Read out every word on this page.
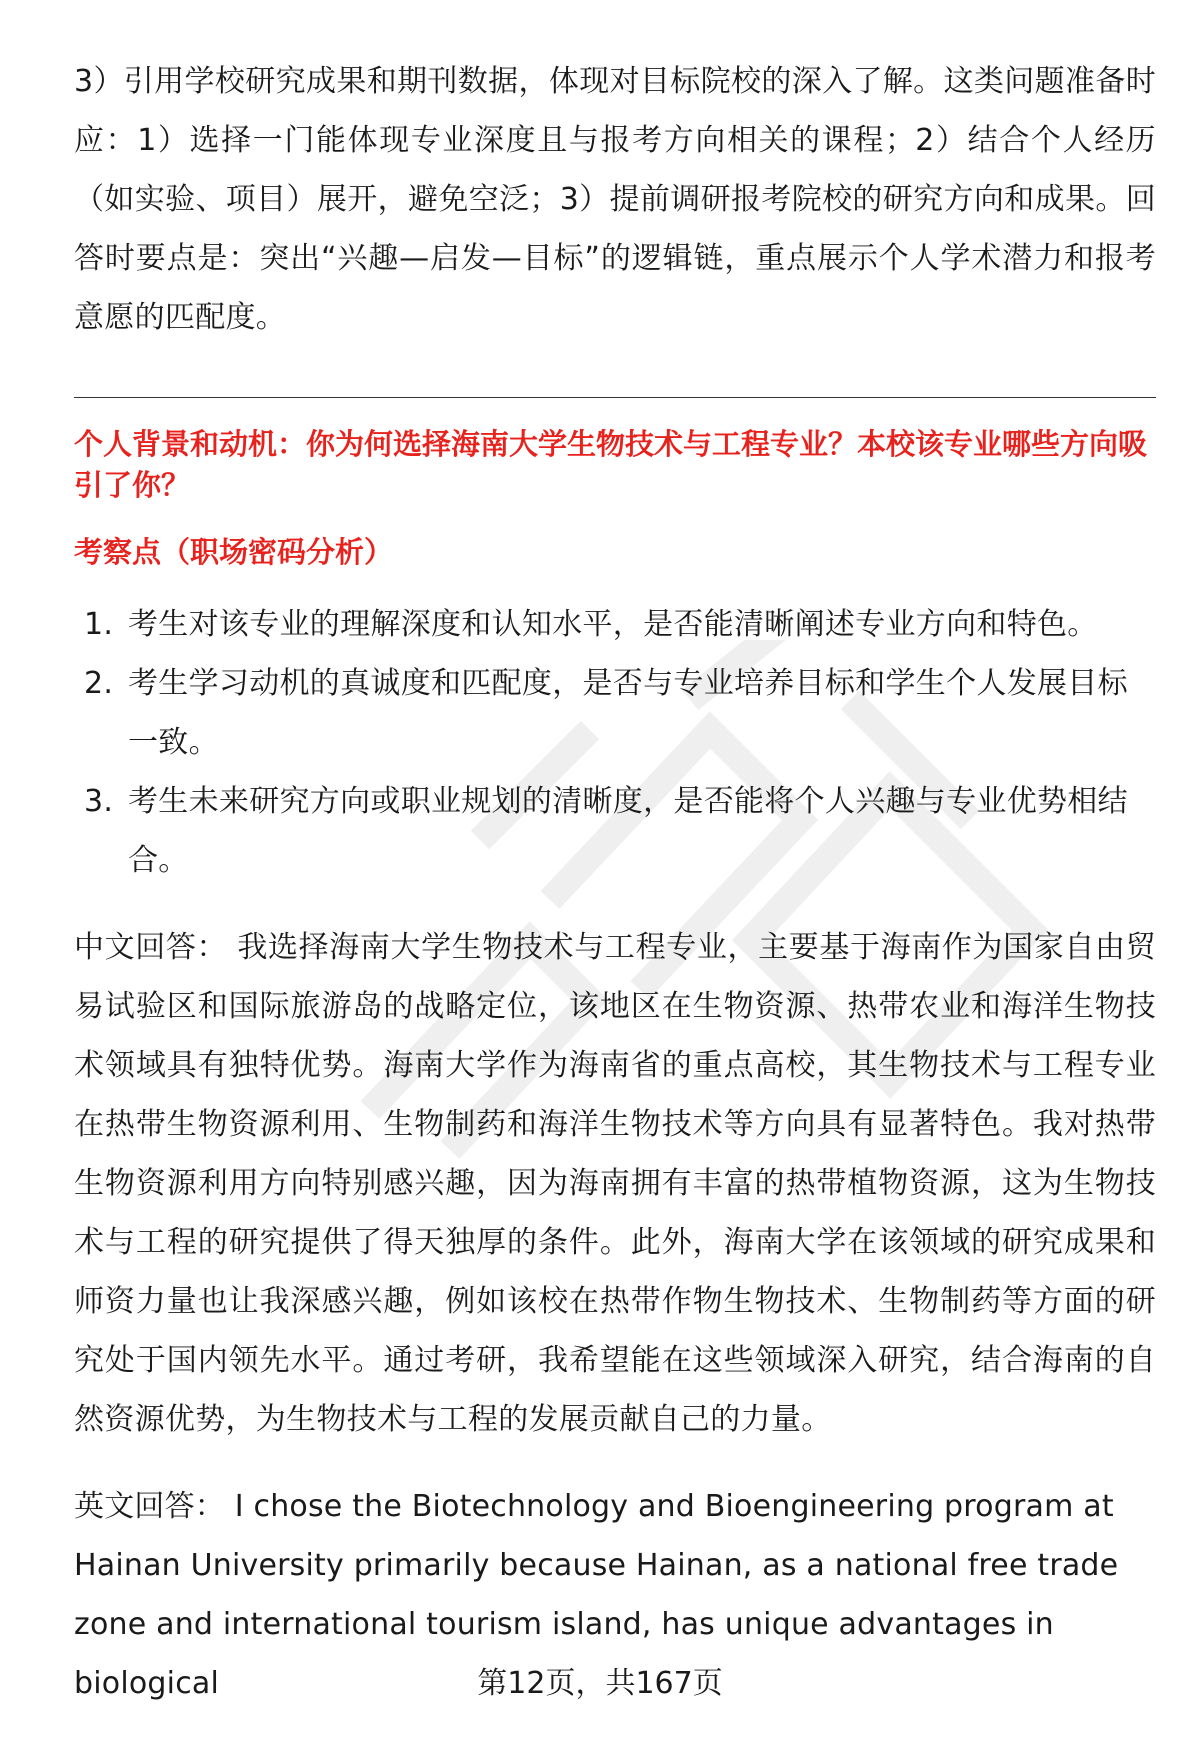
3）引用学校研究成果和期刊数据，体现对目标院校的深入了解。这类问题准备时应：1）选择一门能体现专业深度且与报考方向相关的课程；2）结合个人经历（如实验、项目）展开，避免空泛；3）提前调研报考院校的研究方向和成果。回答时要点是：突出“兴趣—启发—目标”的逻辑链，重点展示个人学术潜力和报考意愿的匹配度。

个人背景和动机：你为何选择海南大学生物技术与工程专业？本校该专业哪些方向吸引了你？
考察点（职场密码分析）
1. 考生对该专业的理解深度和认知水平，是否能清晰阐述专业方向和特色。
2. 考生学习动机的真诚度和匹配度，是否与专业培养目标和学生个人发展目标一致。
3. 考生未来研究方向或职业规划的清晰度，是否能将个人兴趣与专业优势相结合。

中文回答： 我选择海南大学生物技术与工程专业，主要基于海南作为国家自由贸易试验区和国际旅游岛的战略定位，该地区在生物资源、热带农业和海洋生物技术领域具有独特优势。海南大学作为海南省的重点高校，其生物技术与工程专业在热带生物资源利用、生物制药和海洋生物技术等方向具有显著特色。我对热带生物资源利用方向特别感兴趣，因为海南拥有丰富的热带植物资源，这为生物技术与工程的研究提供了得天独厚的条件。此外，海南大学在该领域的研究成果和师资力量也让我深感兴趣，例如该校在热带作物生物技术、生物制药等方面的研究处于国内领先水平。通过考研，我希望能在这些领域深入研究，结合海南的自然资源优势，为生物技术与工程的发展贡献自己的力量。

英文回答： I chose the Biotechnology and Bioengineering program at Hainan University primarily because Hainan, as a national free trade zone and international tourism island, has unique advantages in biological	第12页，共167页
